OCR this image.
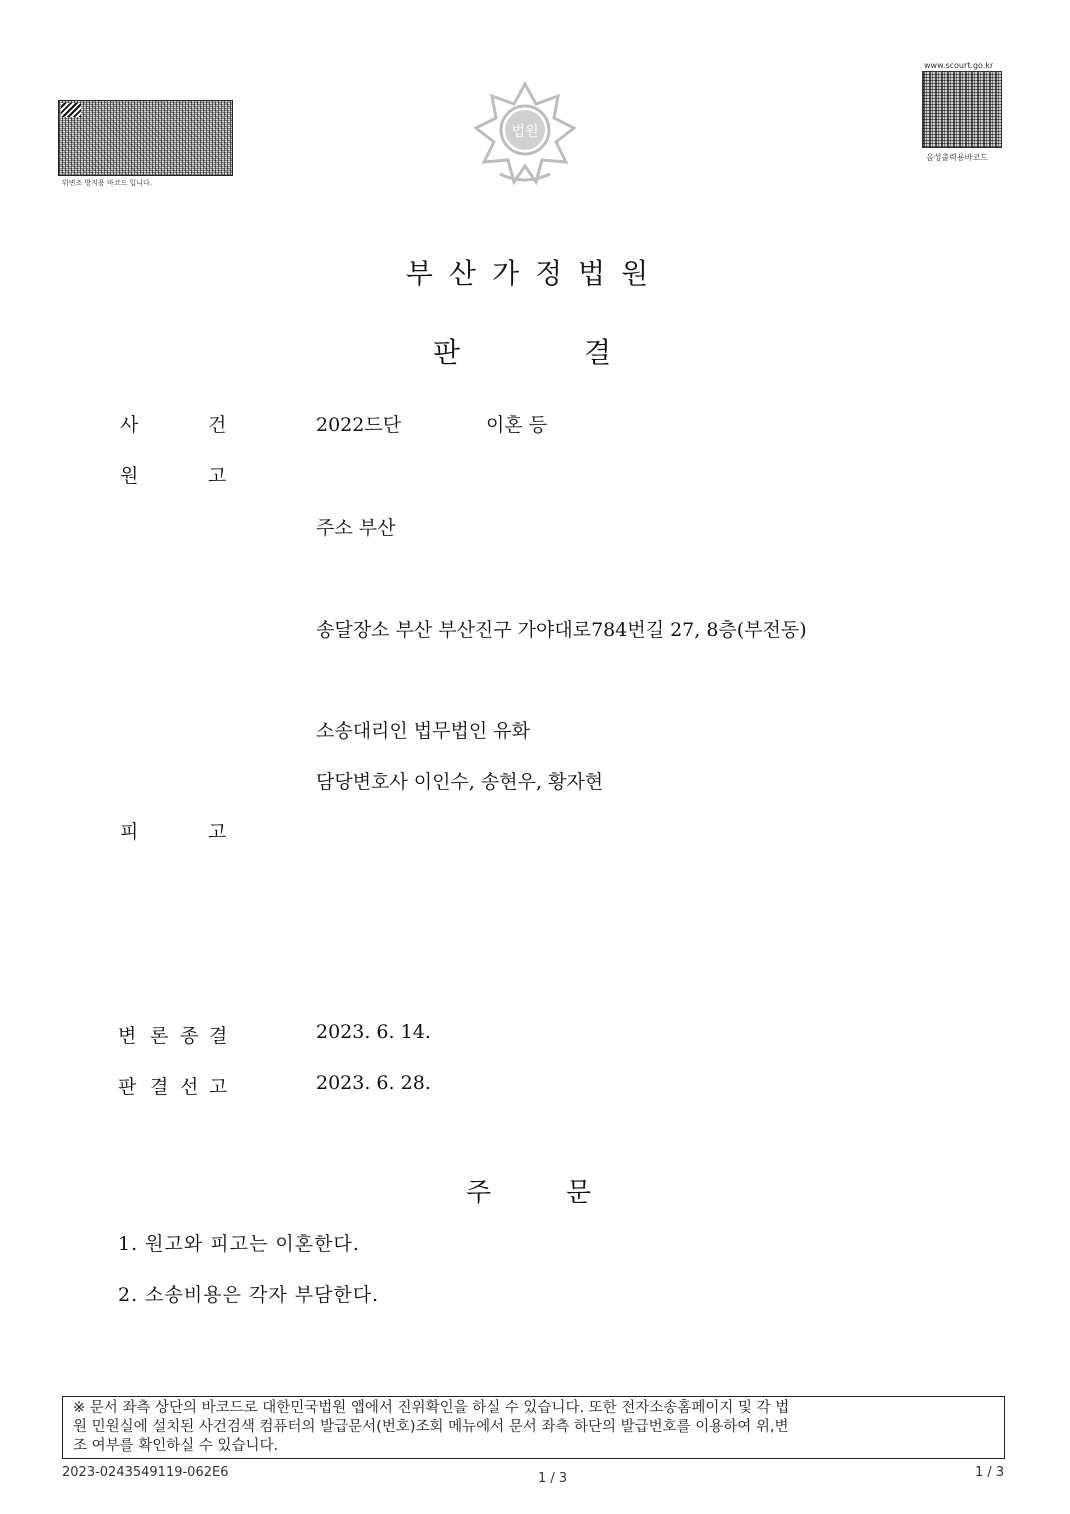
위변조 방지용 바코드 입니다.
법원
www.scourt.go.kr
음성출력용바코드
부산가정법원
판	결
사	건	2022드단	이혼 등
원	고
주소 부산
송달장소 부산 부산진구 가야대로784번길 27, 8층(부전동)
소송대리인 법무법인 유화
담당변호사 이인수, 송현우, 황자현
피	고
변 론 종 결	2023. 6. 14.
판 결 선 고	2023. 6. 28.
주	문
1. 원고와 피고는 이혼한다.
2. 소송비용은 각자 부담한다.
※ 문서 좌측 상단의 바코드로 대한민국법원 앱에서 진위확인을 하실 수 있습니다. 또한 전자소송홈페이지 및 각 법
원 민원실에 설치된 사건검색 컴퓨터의 발급문서(번호)조회 메뉴에서 문서 좌측 하단의 발급번호를 이용하여 위,변
조 여부를 확인하실 수 있습니다.
2023-0243549119-062E6	1 / 3	1 / 3
